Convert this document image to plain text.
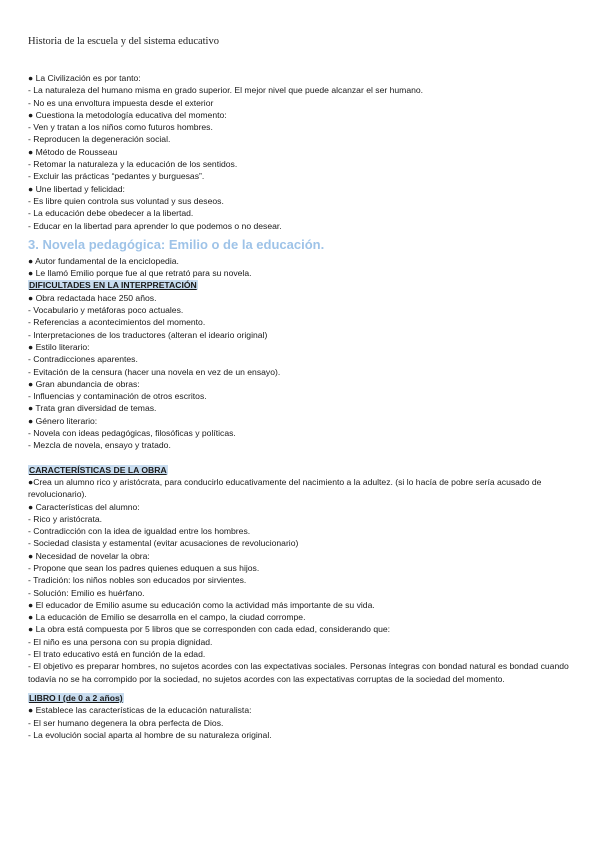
Historia de la escuela y del sistema educativo
● La Civilización es por tanto:
- La naturaleza del humano misma en grado superior. El mejor nivel que puede alcanzar el ser humano.
- No es una envoltura impuesta desde el exterior
● Cuestiona la metodología educativa del momento:
- Ven y tratan a los niños como futuros hombres.
- Reproducen la degeneración social.
● Método de Rousseau
- Retomar la naturaleza y la educación de los sentidos.
- Excluir las prácticas “pedantes y burguesas”.
● Une libertad y felicidad:
- Es libre quien controla sus voluntad y sus deseos.
- La educación debe obedecer a la libertad.
- Educar en la libertad para aprender lo que podemos o no desear.
3. Novela pedagógica: Emilio o de la educación.
● Autor fundamental de la enciclopedia.
● Le llamó Emilio porque fue al que retrató para su novela.
DIFICULTADES EN LA INTERPRETACIÓN
● Obra redactada hace 250 años.
- Vocabulario y metáforas poco actuales.
- Referencias a acontecimientos del momento.
- Interpretaciones de los traductores (alteran el ideario original)
● Estilo literario:
- Contradicciones aparentes.
- Evitación de la censura (hacer una novela en vez de un ensayo).
● Gran abundancia de obras:
- Influencias y contaminación de otros escritos.
● Trata gran diversidad de temas.
● Género literario:
- Novela con ideas pedagógicas, filosóficas y políticas.
- Mezcla de novela, ensayo y tratado.
CARACTERÍSTICAS DE LA OBRA
●Crea un alumno rico y aristócrata, para conducirlo educativamente del nacimiento a la adultez. (si lo hacía de pobre sería acusado de revolucionario).
● Características del alumno:
- Rico y aristócrata.
- Contradicción con la idea de igualdad entre los hombres.
- Sociedad clasista y estamental (evitar acusaciones de revolucionario)
● Necesidad de novelar la obra:
- Propone que sean los padres quienes eduquen a sus hijos.
- Tradición: los niños nobles son educados por sirvientes.
- Solución: Emilio es huérfano.
● El educador de Emilio asume su educación como la actividad más importante de su vida.
● La educación de Emilio se desarrolla en el campo, la ciudad corrompe.
● La obra está compuesta por 5 libros que se corresponden con cada edad, considerando que:
- El niño es una persona con su propia dignidad.
- El trato educativo está en función de la edad.
- El objetivo es preparar hombres, no sujetos acordes con las expectativas sociales. Personas íntegras con bondad natural es bondad cuando todavía no se ha corrompido por la sociedad, no sujetos acordes con las expectativas corruptas de la sociedad del momento.
LIBRO I (de 0 a 2 años)
● Establece las características de la educación naturalista:
- El ser humano degenera la obra perfecta de Dios.
- La evolución social aparta al hombre de su naturaleza original.
